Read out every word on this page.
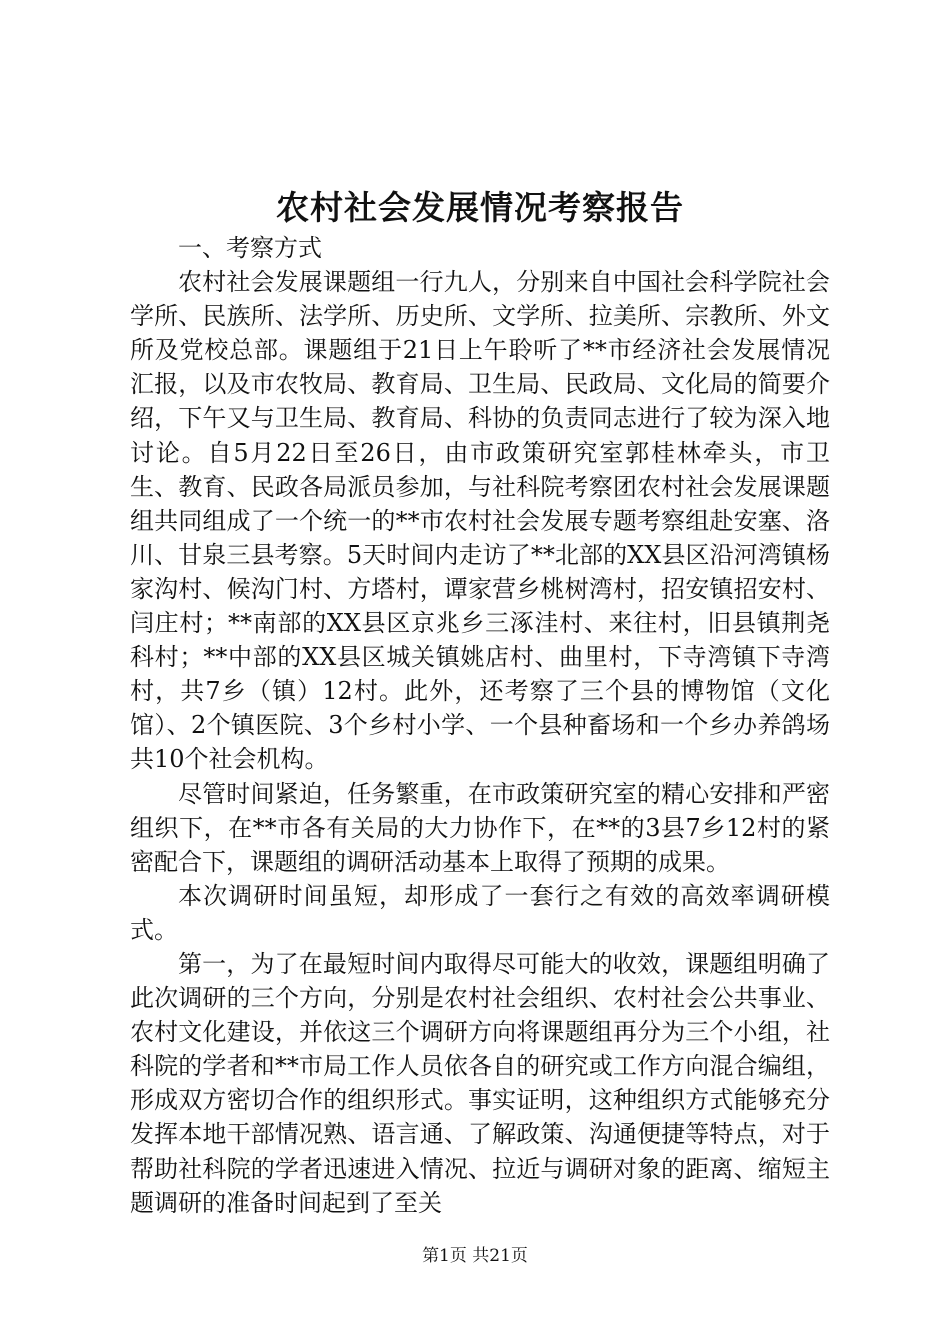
农村社会发展情况考察报告

一、考察方式

农村社会发展课题组一行九人，分别来自中国社会科学院社会学所、民族所、法学所、历史所、文学所、拉美所、宗教所、外文所及党校总部。课题组于21日上午聆听了**市经济社会发展情况汇报，以及市农牧局、教育局、卫生局、民政局、文化局的简要介绍，下午又与卫生局、教育局、科协的负责同志进行了较为深入地讨论。自5月22日至26日，由市政策研究室郭桂林牵头，市卫生、教育、民政各局派员参加，与社科院考察团农村社会发展课题组共同组成了一个统一的**市农村社会发展专题考察组赴安塞、洛川、甘泉三县考察。5天时间内走访了**北部的XX县区沿河湾镇杨家沟村、候沟门村、方塔村，谭家营乡桃树湾村，招安镇招安村、闫庄村；**南部的XX县区京兆乡三涿洼村、来往村，旧县镇荆尧科村；**中部的XX县区城关镇姚店村、曲里村，下寺湾镇下寺湾村，共7乡（镇）12村。此外，还考察了三个县的博物馆（文化馆）、2个镇医院、3个乡村小学、一个县种畜场和一个乡办养鸽场共10个社会机构。

尽管时间紧迫，任务繁重，在市政策研究室的精心安排和严密组织下，在**市各有关局的大力协作下，在**的3县7乡12村的紧密配合下，课题组的调研活动基本上取得了预期的成果。

本次调研时间虽短，却形成了一套行之有效的高效率调研模式。

第一，为了在最短时间内取得尽可能大的收效，课题组明确了此次调研的三个方向，分别是农村社会组织、农村社会公共事业、农村文化建设，并依这三个调研方向将课题组再分为三个小组，社科院的学者和**市局工作人员依各自的研究或工作方向混合编组，形成双方密切合作的组织形式。事实证明，这种组织方式能够充分发挥本地干部情况熟、语言通、了解政策、沟通便捷等特点，对于帮助社科院的学者迅速进入情况、拉近与调研对象的距离、缩短主题调研的准备时间起到了至关

第1页 共21页
